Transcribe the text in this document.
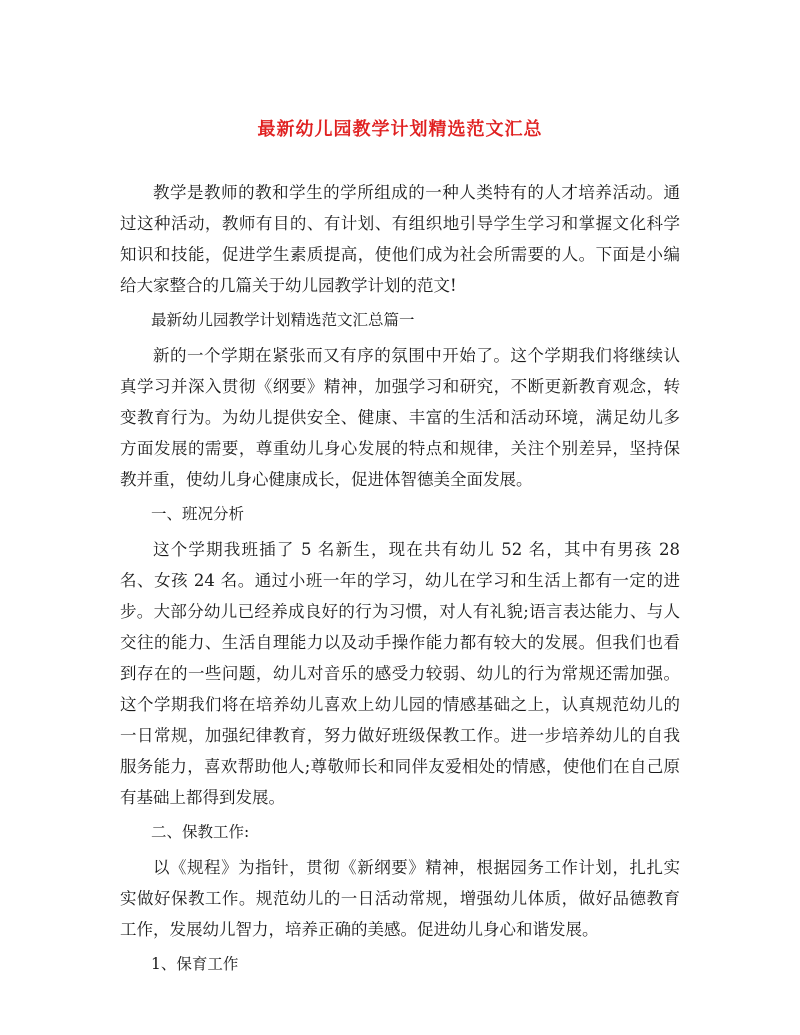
最新幼儿园教学计划精选范文汇总

教学是教师的教和学生的学所组成的一种人类特有的人才培养活动。通过这种活动，教师有目的、有计划、有组织地引导学生学习和掌握文化科学知识和技能，促进学生素质提高，使他们成为社会所需要的人。下面是小编给大家整合的几篇关于幼儿园教学计划的范文!

最新幼儿园教学计划精选范文汇总篇一

新的一个学期在紧张而又有序的氛围中开始了。这个学期我们将继续认真学习并深入贯彻《纲要》精神，加强学习和研究，不断更新教育观念，转变教育行为。为幼儿提供安全、健康、丰富的生活和活动环境，满足幼儿多方面发展的需要，尊重幼儿身心发展的特点和规律，关注个别差异，坚持保教并重，使幼儿身心健康成长，促进体智德美全面发展。

一、班况分析

这个学期我班插了 5 名新生，现在共有幼儿 52 名，其中有男孩 28 名、女孩 24 名。通过小班一年的学习，幼儿在学习和生活上都有一定的进步。大部分幼儿已经养成良好的行为习惯，对人有礼貌;语言表达能力、与人交往的能力、生活自理能力以及动手操作能力都有较大的发展。但我们也看到存在的一些问题，幼儿对音乐的感受力较弱、幼儿的行为常规还需加强。这个学期我们将在培养幼儿喜欢上幼儿园的情感基础之上，认真规范幼儿的一日常规，加强纪律教育，努力做好班级保教工作。进一步培养幼儿的自我服务能力，喜欢帮助他人;尊敬师长和同伴友爱相处的情感，使他们在自己原有基础上都得到发展。

二、保教工作:

以《规程》为指针，贯彻《新纲要》精神，根据园务工作计划，扎扎实实做好保教工作。规范幼儿的一日活动常规，增强幼儿体质，做好品德教育工作，发展幼儿智力，培养正确的美感。促进幼儿身心和谐发展。

1、保育工作
